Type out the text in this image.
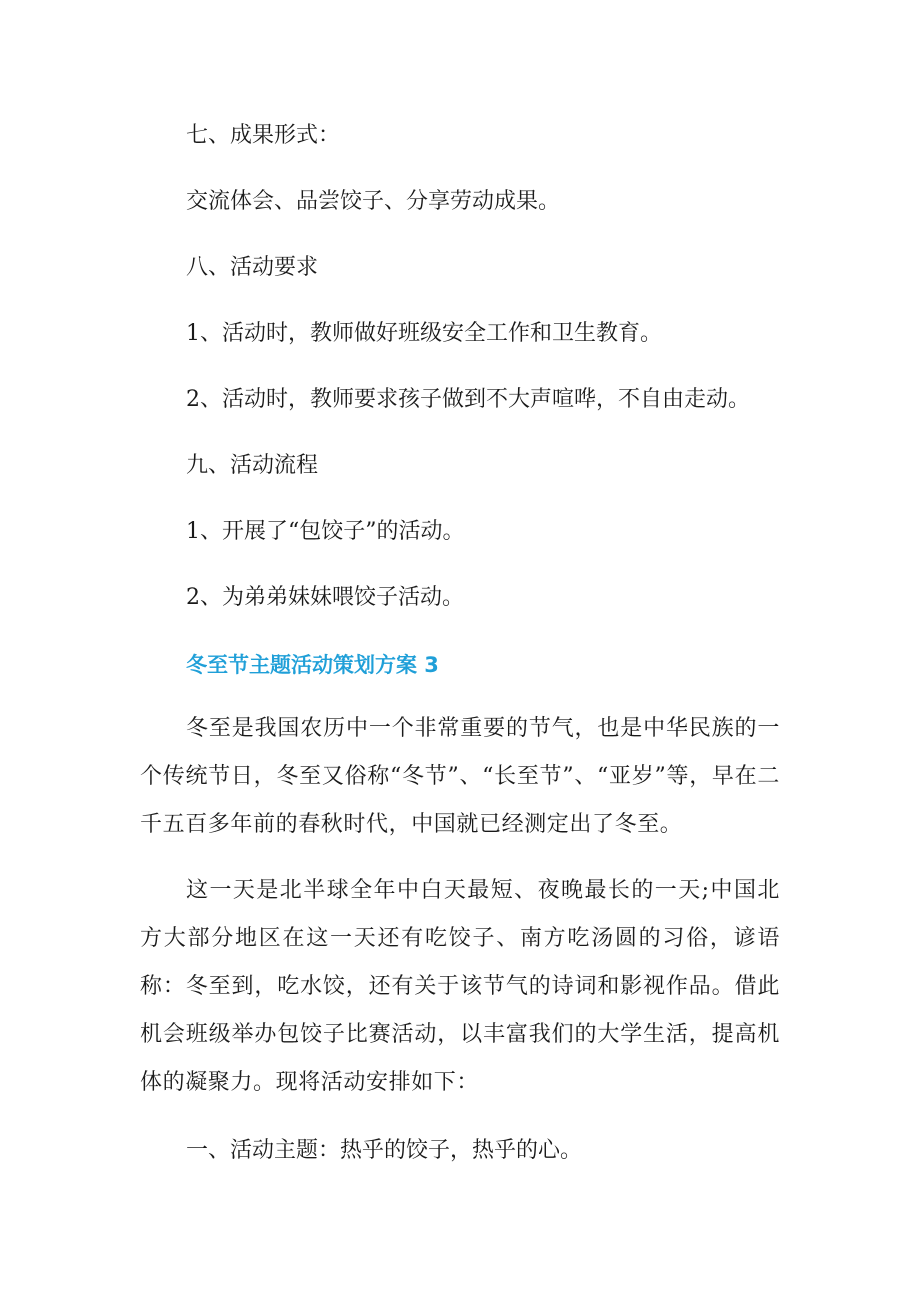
七、成果形式：
交流体会、品尝饺子、分享劳动成果。
八、活动要求
1、活动时，教师做好班级安全工作和卫生教育。
2、活动时，教师要求孩子做到不大声喧哗，不自由走动。
九、活动流程
1、开展了“包饺子”的活动。
2、为弟弟妹妹喂饺子活动。
冬至节主题活动策划方案 3
冬至是我国农历中一个非常重要的节气，也是中华民族的一个传统节日，冬至又俗称“冬节”、“长至节”、“亚岁”等，早在二千五百多年前的春秋时代，中国就已经测定出了冬至。
这一天是北半球全年中白天最短、夜晚最长的一天;中国北方大部分地区在这一天还有吃饺子、南方吃汤圆的习俗，谚语称：冬至到，吃水饺，还有关于该节气的诗词和影视作品。借此机会班级举办包饺子比赛活动，以丰富我们的大学生活，提高机体的凝聚力。现将活动安排如下：
一、活动主题：热乎的饺子，热乎的心。
